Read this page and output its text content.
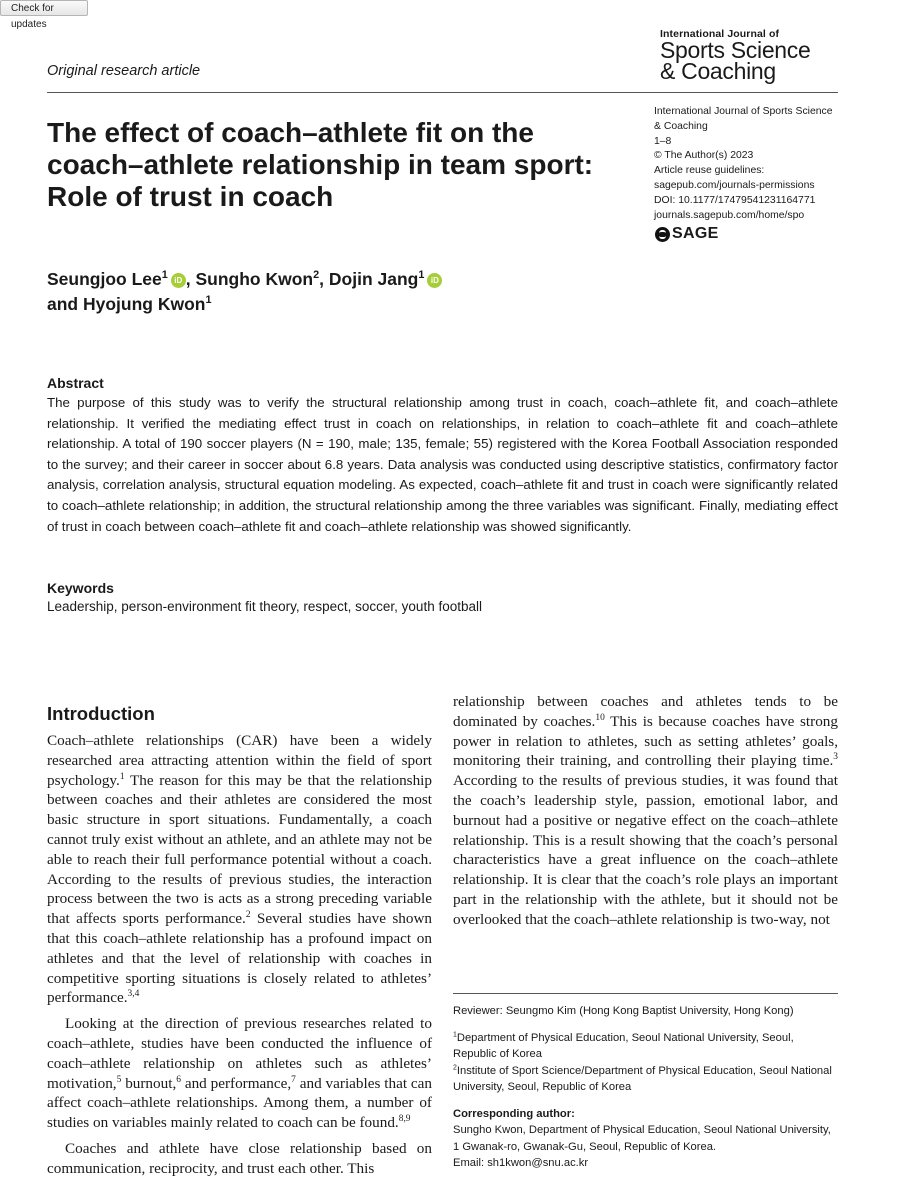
Check for updates
Original research article
International Journal of
Sports Science
& Coaching
The effect of coach–athlete fit on the coach–athlete relationship in team sport: Role of trust in coach
International Journal of Sports Science
& Coaching
1–8
© The Author(s) 2023
Article reuse guidelines:
sagepub.com/journals-permissions
DOI: 10.1177/17479541231164771
journals.sagepub.com/home/spo
SAGE
Seungjoo Lee$^1$ iD , Sungho Kwon$^2$, Dojin Jang$^1$ iD
and Hyojung Kwon$^1$
Abstract
The purpose of this study was to verify the structural relationship among trust in coach, coach–athlete fit, and coach–athlete relationship. It verified the mediating effect trust in coach on relationships, in relation to coach–athlete fit and coach–athlete relationship. A total of 190 soccer players (N = 190, male; 135, female; 55) registered with the Korea Football Association responded to the survey; and their career in soccer about 6.8 years. Data analysis was conducted using descriptive statistics, confirmatory factor analysis, correlation analysis, structural equation modeling. As expected, coach–athlete fit and trust in coach were significantly related to coach–athlete relationship; in addition, the structural relationship among the three variables was significant. Finally, mediating effect of trust in coach between coach–athlete fit and coach–athlete relationship was showed significantly.
Keywords
Leadership, person-environment fit theory, respect, soccer, youth football
Introduction

Coach–athlete relationships (CAR) have been a widely researched area attracting attention within the field of sport psychology.$^1$ The reason for this may be that the relationship between coaches and their athletes are considered the most basic structure in sport situations. Fundamentally, a coach cannot truly exist without an athlete, and an athlete may not be able to reach their full performance potential without a coach. According to the results of previous studies, the interaction process between the two is acts as a strong preceding variable that affects sports performance.$^2$ Several studies have shown that this coach–athlete relationship has a profound impact on athletes and that the level of relationship with coaches in competitive sporting situations is closely related to athletes’ performance.$^{3,4}$

Looking at the direction of previous researches related to coach–athlete, studies have been conducted the influence of coach–athlete relationship on athletes such as athletes’ motivation,$^5$ burnout,$^6$ and performance,$^7$ and variables that can affect coach–athlete relationships. Among them, a number of studies on variables mainly related to coach can be found.$^{8,9}$

Coaches and athlete have close relationship based on communication, reciprocity, and trust each other. This

relationship between coaches and athletes tends to be dominated by coaches.$^{10}$ This is because coaches have strong power in relation to athletes, such as setting athletes’ goals, monitoring their training, and controlling their playing time.$^3$ According to the results of previous studies, it was found that the coach’s leadership style, passion, emotional labor, and burnout had a positive or negative effect on the coach–athlete relationship. This is a result showing that the coach’s personal characteristics have a great influence on the coach–athlete relationship. It is clear that the coach’s role plays an important part in the relationship with the athlete, but it should not be overlooked that the coach–athlete relationship is two-way, not

Reviewer: Seungmo Kim (Hong Kong Baptist University, Hong Kong)

$^1$Department of Physical Education, Seoul National University, Seoul, Republic of Korea

$^2$Institute of Sport Science/Department of Physical Education, Seoul National University, Seoul, Republic of Korea

Corresponding author:

Sungho Kwon, Department of Physical Education, Seoul National University, 1 Gwanak-ro, Gwanak-Gu, Seoul, Republic of Korea.

Email: sh1kwon@snu.ac.kr
